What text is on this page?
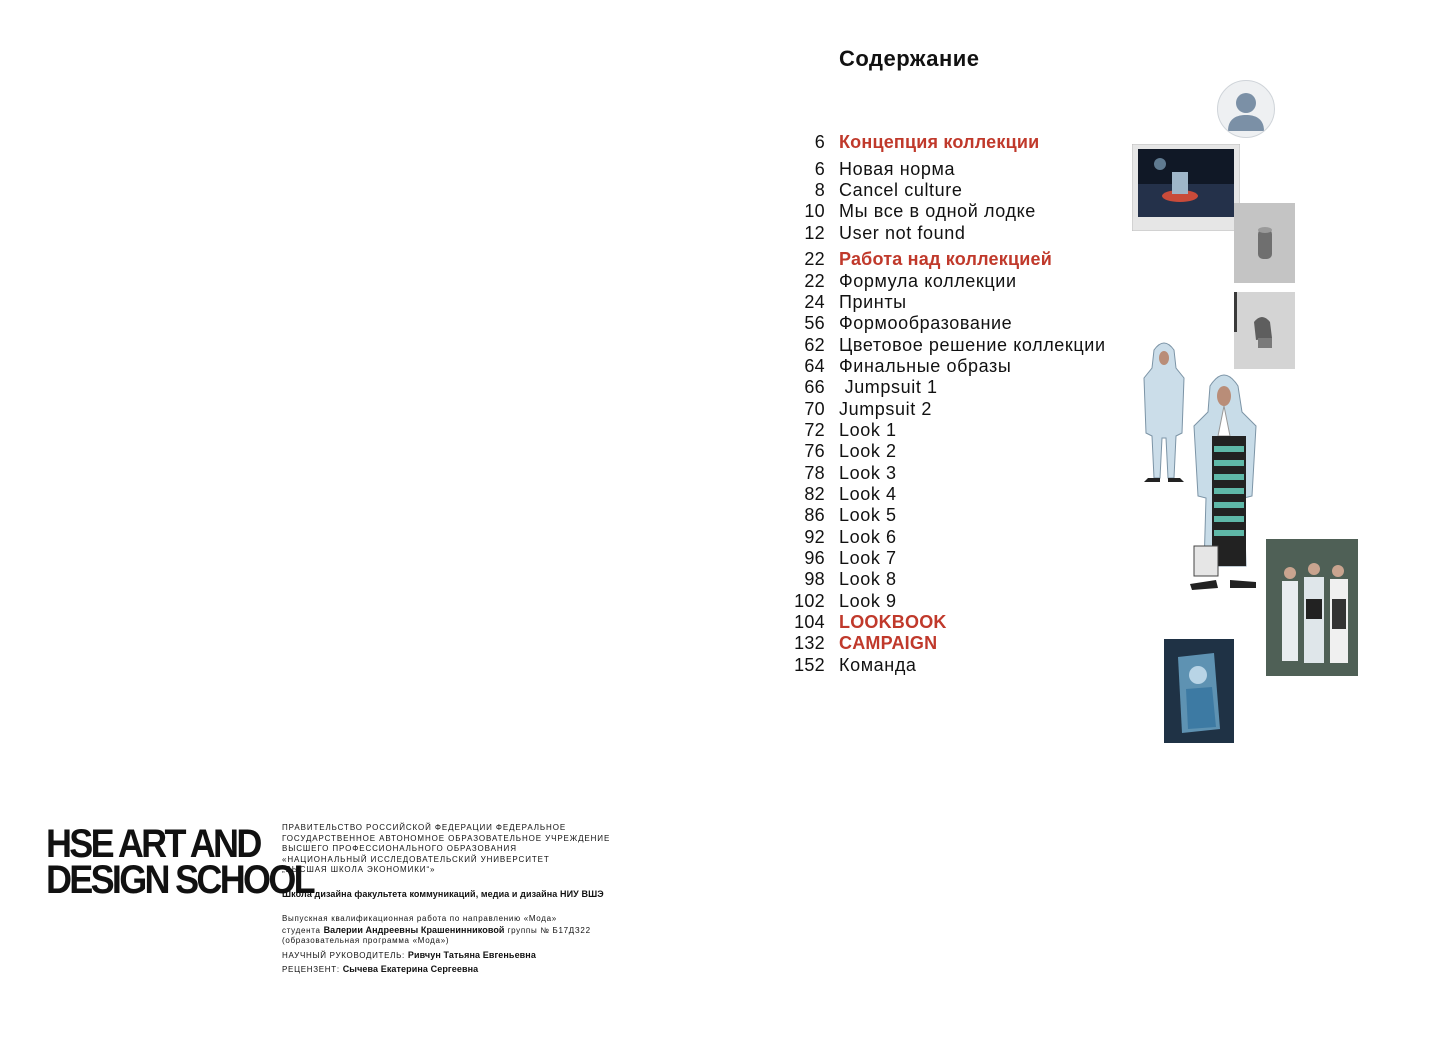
Содержание
6 Концепция коллекции
6 Новая норма
8 Cancel culture
10 Мы все в одной лодке
12 User not found
22 Работа над коллекцией
22 Формула коллекции
24 Принты
56 Формообразование
62 Цветовое решение коллекции
64 Финальные образы
66 Jumpsuit 1
70 Jumpsuit 2
72 Look 1
76 Look 2
78 Look 3
82 Look 4
86 Look 5
92 Look 6
96 Look 7
98 Look 8
102 Look 9
104 LOOKBOOK
132 CAMPAIGN
152 Команда
HSE ART AND
DESIGN SCHOOL
ПРАВИТЕЛЬСТВО РОССИЙСКОЙ ФЕДЕРАЦИИ ФЕДЕРАЛЬНОЕ
ГОСУДАРСТВЕННОЕ АВТОНОМНОЕ ОБРАЗОВАТЕЛЬНОЕ УЧРЕЖДЕНИЕ
ВЫСШЕГО ПРОФЕССИОНАЛЬНОГО ОБРАЗОВАНИЯ
«НАЦИОНАЛЬНЫЙ ИССЛЕДОВАТЕЛЬСКИЙ УНИВЕРСИТЕТ
„ВЫСШАЯ ШКОЛА ЭКОНОМИКИ“»
Школа дизайна факультета коммуникаций, медиа и дизайна НИУ ВШЭ
Выпускная квалификационная работа по направлению «Мода»
студента Валерии Андреевны Крашенинниковой группы № Б17ДЗ22
(образовательная программа «Мода»)
НАУЧНЫЙ РУКОВОДИТЕЛЬ: Ривчун Татьяна Евгеньевна
РЕЦЕНЗЕНТ: Сычева Екатерина Сергеевна
